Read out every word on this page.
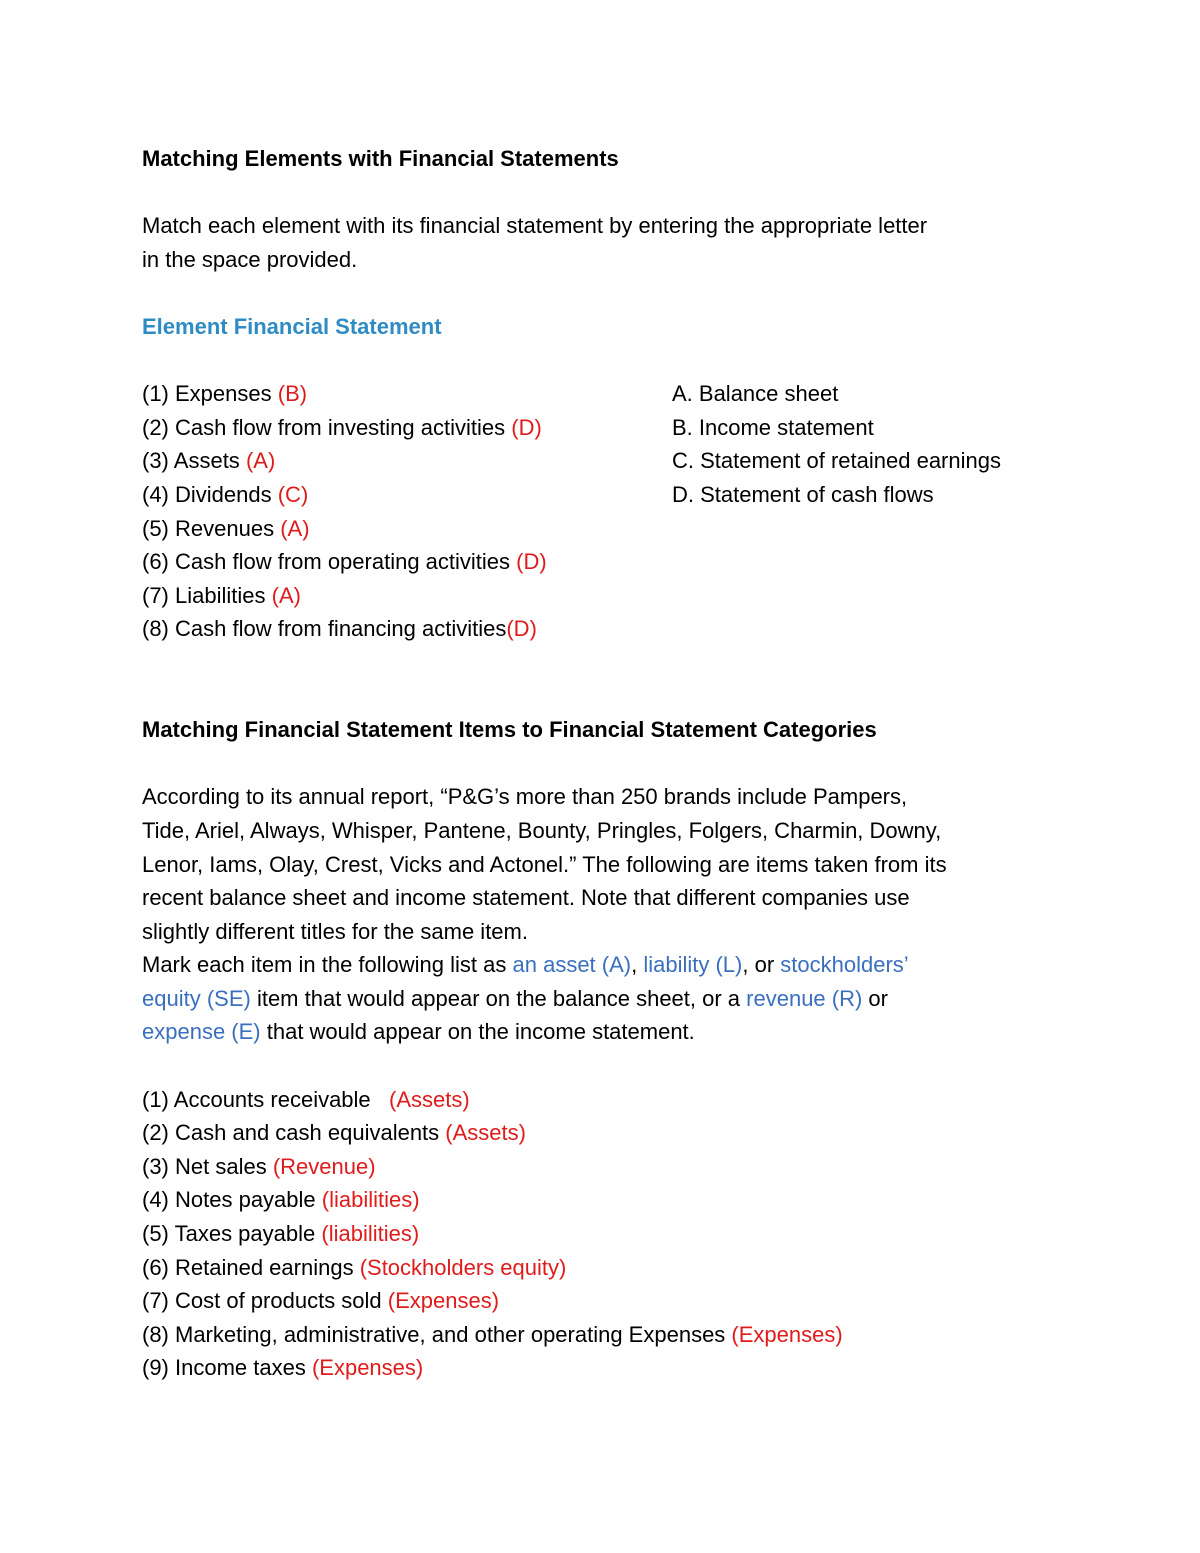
Matching Elements with Financial Statements
Match each element with its financial statement by entering the appropriate letter
in the space provided.
Element Financial Statement
(1) Expenses (B)
(2) Cash flow from investing activities (D)
(3) Assets (A)
(4) Dividends (C)
(5) Revenues (A)
(6) Cash flow from operating activities (D)
(7) Liabilities (A)
(8) Cash flow from financing activities(D)
A. Balance sheet
B. Income statement
C. Statement of retained earnings
D. Statement of cash flows
Matching Financial Statement Items to Financial Statement Categories
According to its annual report, “P&G’s more than 250 brands include Pampers,
Tide, Ariel, Always, Whisper, Pantene, Bounty, Pringles, Folgers, Charmin, Downy,
Lenor, Iams, Olay, Crest, Vicks and Actonel.” The following are items taken from its
recent balance sheet and income statement. Note that different companies use
slightly different titles for the same item.
Mark each item in the following list as an asset (A), liability (L), or stockholders’
equity (SE) item that would appear on the balance sheet, or a revenue (R) or
expense (E) that would appear on the income statement.
(1) Accounts receivable   (Assets)
(2) Cash and cash equivalents (Assets)
(3) Net sales (Revenue)
(4) Notes payable (liabilities)
(5) Taxes payable (liabilities)
(6) Retained earnings (Stockholders equity)
(7) Cost of products sold (Expenses)
(8) Marketing, administrative, and other operating Expenses (Expenses)
(9) Income taxes (Expenses)
